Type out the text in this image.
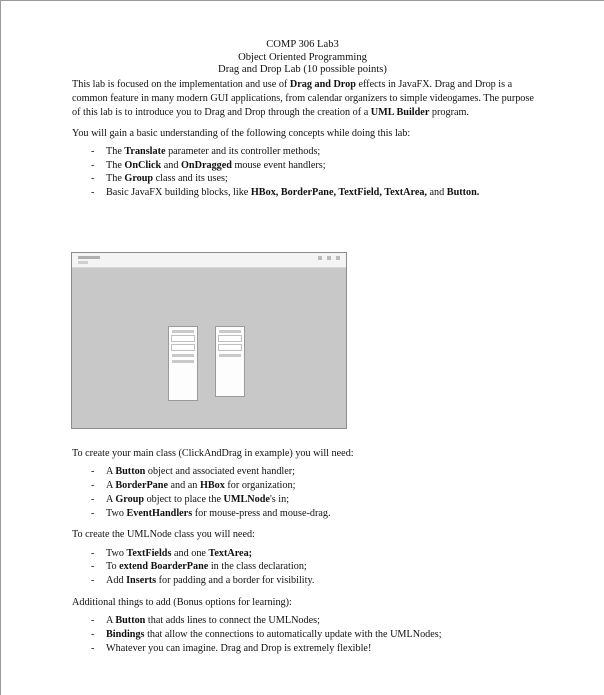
COMP 306 Lab3
Object Oriented Programming
Drag and Drop Lab (10 possible points)

This lab is focused on the implementation and use of Drag and Drop effects in JavaFX. Drag and Drop is a common feature in many modern GUI applications, from calendar organizers to simple videogames. The purpose of this lab is to introduce you to Drag and Drop through the creation of a UML Builder program.

You will gain a basic understanding of the following concepts while doing this lab:

- The Translate parameter and its controller methods;
- The OnClick and OnDragged mouse event handlers;
- The Group class and its uses;
- Basic JavaFX building blocks, like HBox, BorderPane, TextField, TextArea, and Button.

To create your main class (ClickAndDrag in example) you will need:

- A Button object and associated event handler;
- A BorderPane and an HBox for organization;
- A Group object to place the UMLNode's in;
- Two EventHandlers for mouse-press and mouse-drag.

To create the UMLNode class you will need:

- Two TextFields and one TextArea;
- To extend BoarderPane in the class declaration;
- Add Inserts for padding and a border for visibility.

Additional things to add (Bonus options for learning):

- A Button that adds lines to connect the UMLNodes;
- Bindings that allow the connections to automatically update with the UMLNodes;
- Whatever you can imagine. Drag and Drop is extremely flexible!
